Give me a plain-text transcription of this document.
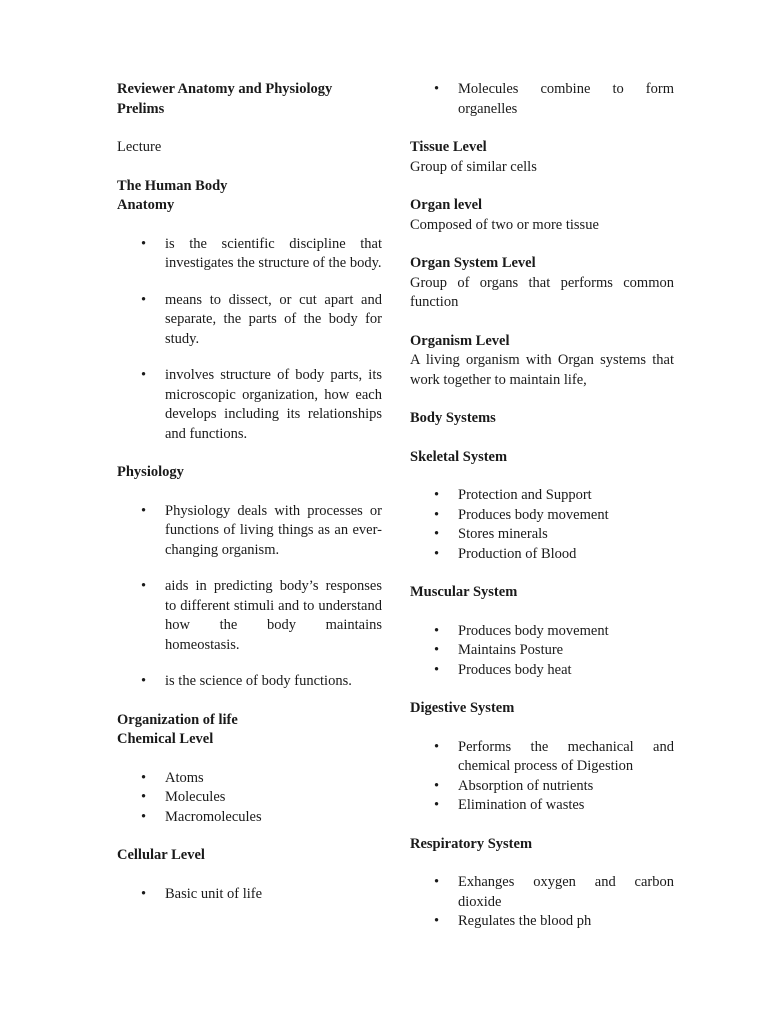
Reviewer Anatomy and Physiology
Prelims

Lecture

The Human Body
Anatomy
• is the scientific discipline that investigates the structure of the body.
• means to dissect, or cut apart and separate, the parts of the body for study.
• involves structure of body parts, its microscopic organization, how each develops including its relationships and functions.
Physiology
• Physiology deals with processes or functions of living things as an ever-changing organism.
• aids in predicting body’s responses to different stimuli and to understand how the body maintains homeostasis.
• is the science of body functions.
Organization of life
Chemical Level
• Atoms
• Molecules
• Macromolecules
Cellular Level
• Basic unit of life
• Molecules combine to form organelles
Tissue Level

Group of similar cells

Organ level

Composed of two or more tissue

Organ System Level

Group of organs that performs common function

Organism Level

A living organism with Organ systems that work together to maintain life,

Body Systems
Skeletal System
• Protection and Support
• Produces body movement
• Stores minerals
• Production of Blood
Muscular System
• Produces body movement
• Maintains Posture
• Produces body heat
Digestive System
• Performs the mechanical and chemical process of Digestion
• Absorption of nutrients
• Elimination of wastes
Respiratory System
• Exhanges oxygen and carbon dioxide
• Regulates the blood ph
